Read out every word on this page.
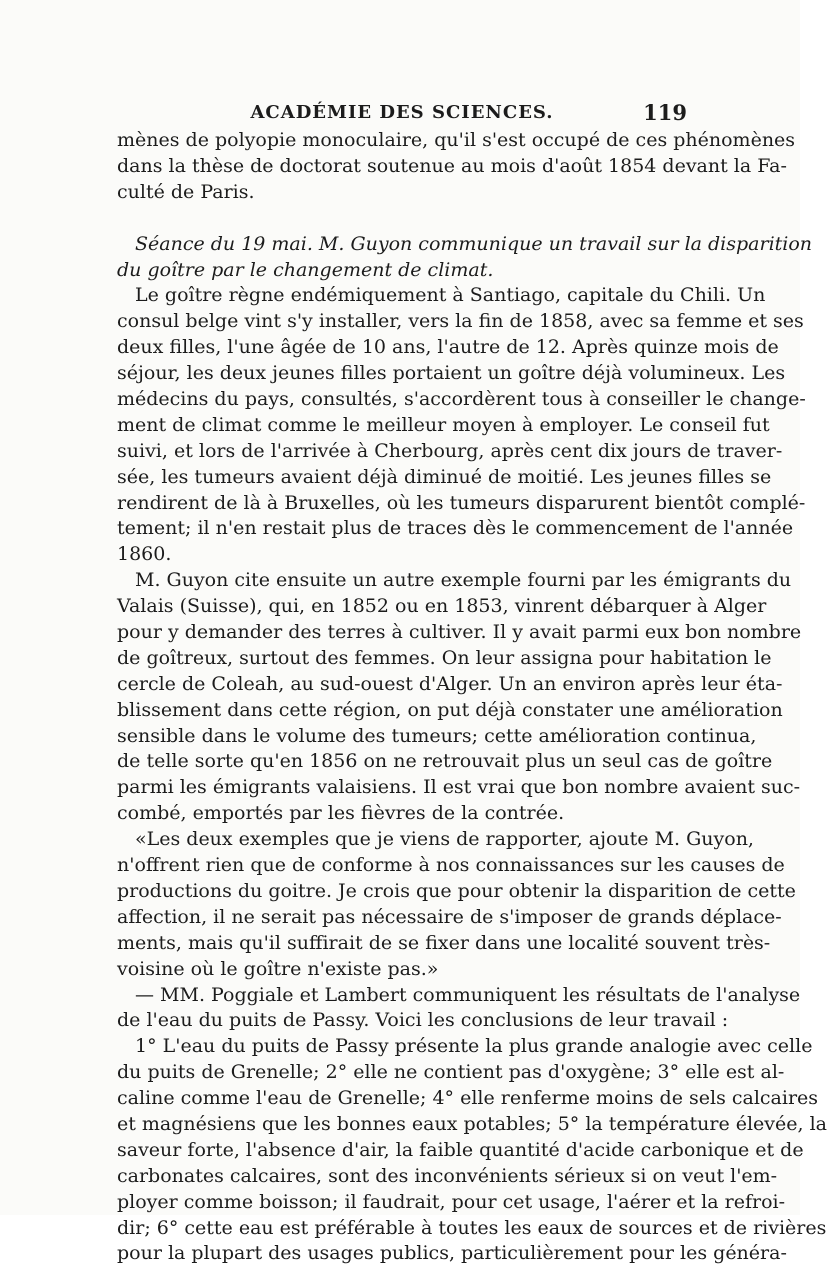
ACADÉMIE DES SCIENCES.	119
mènes de polyopie monoculaire, qu'il s'est occupé de ces phénomènes
dans la thèse de doctorat soutenue au mois d'août 1854 devant la Fa-
culté de Paris.
Séance du 19 mai. M. Guyon communique un travail sur la disparition
du goître par le changement de climat.
Le goître règne endémiquement à Santiago, capitale du Chili. Un
consul belge vint s'y installer, vers la fin de 1858, avec sa femme et ses
deux filles, l'une âgée de 10 ans, l'autre de 12. Après quinze mois de
séjour, les deux jeunes filles portaient un goître déjà volumineux. Les
médecins du pays, consultés, s'accordèrent tous à conseiller le change-
ment de climat comme le meilleur moyen à employer. Le conseil fut
suivi, et lors de l'arrivée à Cherbourg, après cent dix jours de traver-
sée, les tumeurs avaient déjà diminué de moitié. Les jeunes filles se
rendirent de là à Bruxelles, où les tumeurs disparurent bientôt complé-
tement; il n'en restait plus de traces dès le commencement de l'année
1860.
M. Guyon cite ensuite un autre exemple fourni par les émigrants du
Valais (Suisse), qui, en 1852 ou en 1853, vinrent débarquer à Alger
pour y demander des terres à cultiver. Il y avait parmi eux bon nombre
de goîtreux, surtout des femmes. On leur assigna pour habitation le
cercle de Coleah, au sud-ouest d'Alger. Un an environ après leur éta-
blissement dans cette région, on put déjà constater une amélioration
sensible dans le volume des tumeurs; cette amélioration continua,
de telle sorte qu'en 1856 on ne retrouvait plus un seul cas de goître
parmi les émigrants valaisiens. Il est vrai que bon nombre avaient suc-
combé, emportés par les fièvres de la contrée.
«Les deux exemples que je viens de rapporter, ajoute M. Guyon,
n'offrent rien que de conforme à nos connaissances sur les causes de
productions du goitre. Je crois que pour obtenir la disparition de cette
affection, il ne serait pas nécessaire de s'imposer de grands déplace-
ments, mais qu'il suffirait de se fixer dans une localité souvent très-
voisine où le goître n'existe pas.»
— MM. Poggiale et Lambert communiquent les résultats de l'analyse
de l'eau du puits de Passy. Voici les conclusions de leur travail :
1° L'eau du puits de Passy présente la plus grande analogie avec celle
du puits de Grenelle; 2° elle ne contient pas d'oxygène; 3° elle est al-
caline comme l'eau de Grenelle; 4° elle renferme moins de sels calcaires
et magnésiens que les bonnes eaux potables; 5° la température élevée, la
saveur forte, l'absence d'air, la faible quantité d'acide carbonique et de
carbonates calcaires, sont des inconvénients sérieux si on veut l'em-
ployer comme boisson; il faudrait, pour cet usage, l'aérer et la refroi-
dir; 6° cette eau est préférable à toutes les eaux de sources et de rivières
pour la plupart des usages publics, particulièrement pour les généra-
